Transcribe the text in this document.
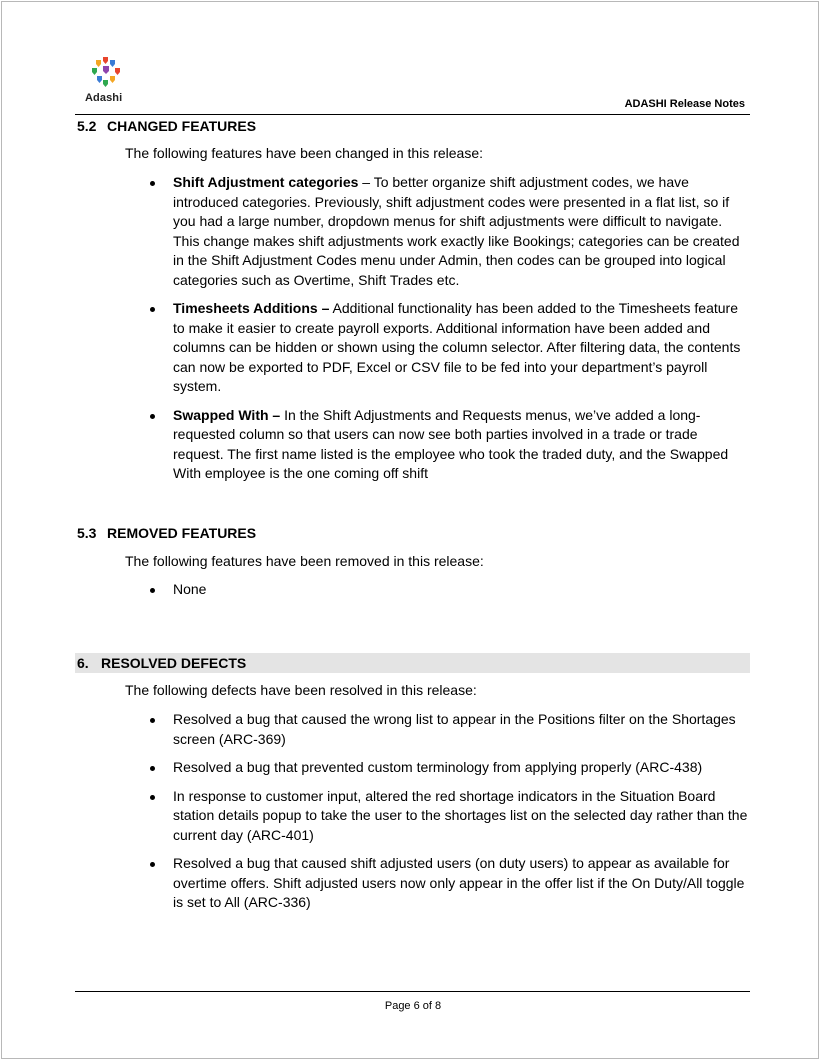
Adashi	ADASHI Release Notes
5.2 CHANGED FEATURES
The following features have been changed in this release:
Shift Adjustment categories – To better organize shift adjustment codes, we have introduced categories. Previously, shift adjustment codes were presented in a flat list, so if you had a large number, dropdown menus for shift adjustments were difficult to navigate. This change makes shift adjustments work exactly like Bookings; categories can be created in the Shift Adjustment Codes menu under Admin, then codes can be grouped into logical categories such as Overtime, Shift Trades etc.
Timesheets Additions – Additional functionality has been added to the Timesheets feature to make it easier to create payroll exports. Additional information have been added and columns can be hidden or shown using the column selector. After filtering data, the contents can now be exported to PDF, Excel or CSV file to be fed into your department’s payroll system.
Swapped With – In the Shift Adjustments and Requests menus, we’ve added a long-requested column so that users can now see both parties involved in a trade or trade request. The first name listed is the employee who took the traded duty, and the Swapped With employee is the one coming off shift
5.3 REMOVED FEATURES
The following features have been removed in this release:
None
6. RESOLVED DEFECTS
The following defects have been resolved in this release:
Resolved a bug that caused the wrong list to appear in the Positions filter on the Shortages screen (ARC-369)
Resolved a bug that prevented custom terminology from applying properly (ARC-438)
In response to customer input, altered the red shortage indicators in the Situation Board station details popup to take the user to the shortages list on the selected day rather than the current day (ARC-401)
Resolved a bug that caused shift adjusted users (on duty users) to appear as available for overtime offers. Shift adjusted users now only appear in the offer list if the On Duty/All toggle is set to All (ARC-336)
Page 6 of 8
